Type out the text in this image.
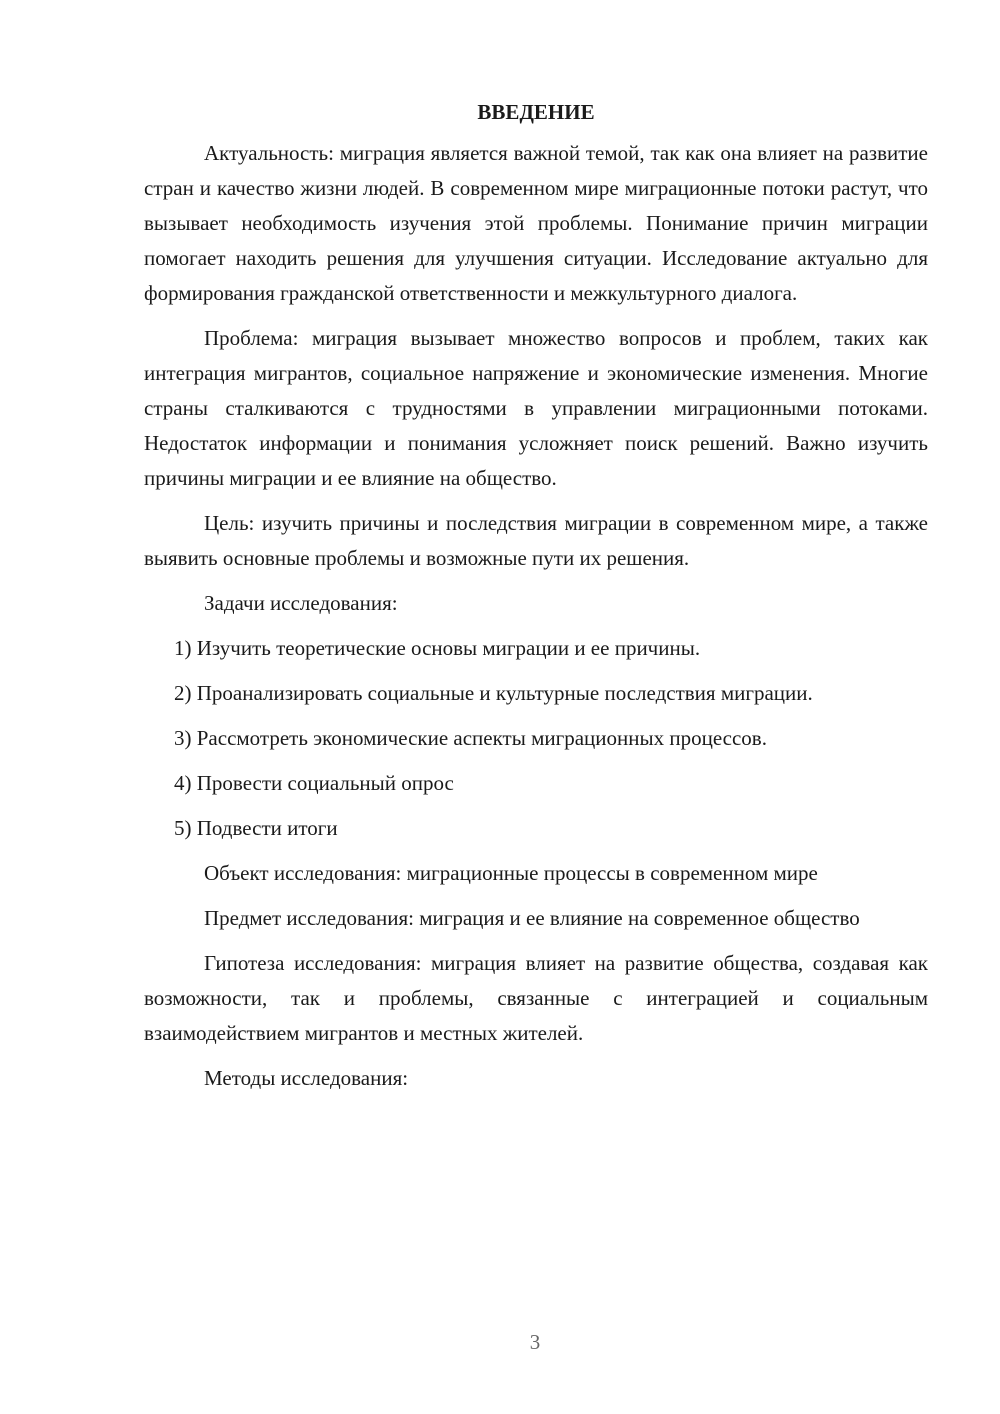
ВВЕДЕНИЕ

Актуальность: миграция является важной темой, так как она влияет на развитие стран и качество жизни людей. В современном мире миграционные потоки растут, что вызывает необходимость изучения этой проблемы. Понимание причин миграции помогает находить решения для улучшения ситуации. Исследование актуально для формирования гражданской ответственности и межкультурного диалога.

Проблема: миграция вызывает множество вопросов и проблем, таких как интеграция мигрантов, социальное напряжение и экономические изменения. Многие страны сталкиваются с трудностями в управлении миграционными потоками. Недостаток информации и понимания усложняет поиск решений. Важно изучить причины миграции и ее влияние на общество.

Цель: изучить причины и последствия миграции в современном мире, а также выявить основные проблемы и возможные пути их решения.

Задачи исследования:

1) Изучить теоретические основы миграции и ее причины.

2) Проанализировать социальные и культурные последствия миграции.

3) Рассмотреть экономические аспекты миграционных процессов.

4) Провести социальный опрос

5) Подвести итоги

Объект исследования: миграционные процессы в современном мире

Предмет исследования: миграция и ее влияние на современное общество

Гипотеза исследования: миграция влияет на развитие общества, создавая как возможности, так и проблемы, связанные с интеграцией и социальным взаимодействием мигрантов и местных жителей.

Методы исследования:

3
